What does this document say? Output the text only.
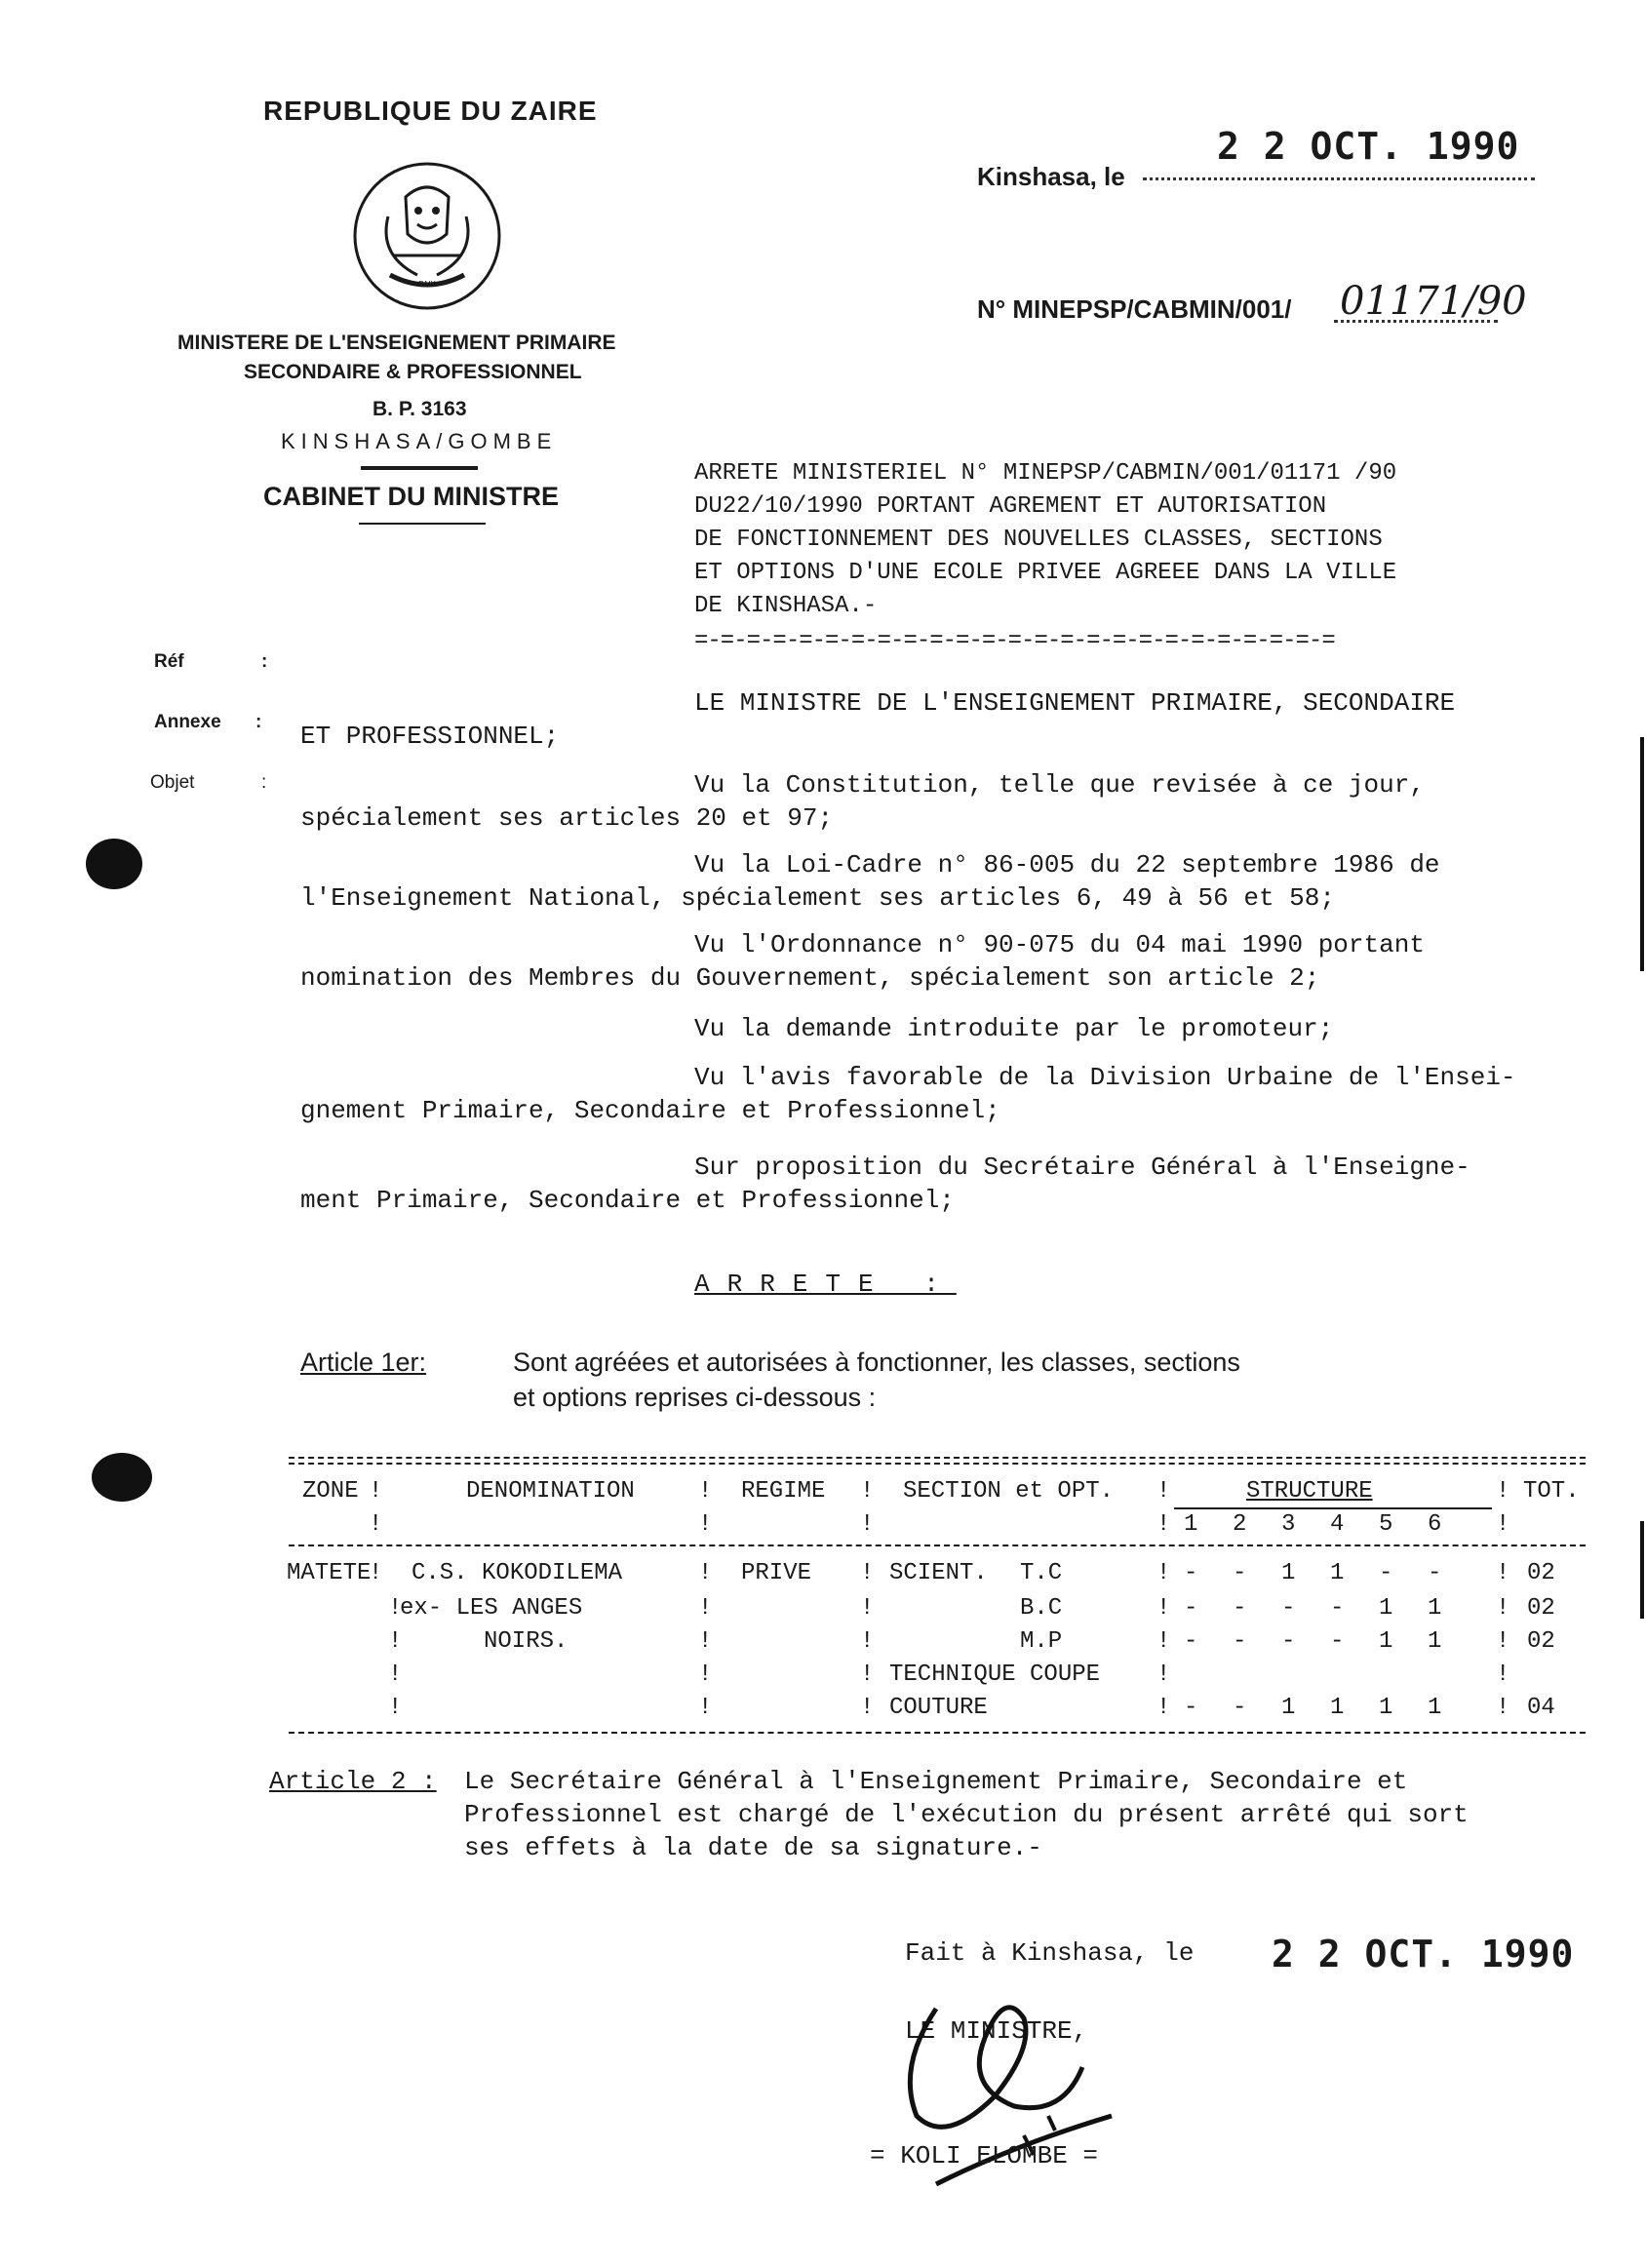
REPUBLIQUE DU ZAIRE
PAIX
MINISTERE DE L'ENSEIGNEMENT PRIMAIRE
SECONDAIRE & PROFESSIONNEL
B. P. 3163
KINSHASA/GOMBE
CABINET DU MINISTRE
Kinshasa, le
2 2 OCT. 1990
N° MINEPSP/CABMIN/001/ 01171/90
ARRETE MINISTERIEL N° MINEPSP/CABMIN/001/01171 /90
DU22/10/1990 PORTANT AGREMENT ET AUTORISATION
DE FONCTIONNEMENT DES NOUVELLES CLASSES, SECTIONS
ET OPTIONS D'UNE ECOLE PRIVEE AGREEE DANS LA VILLE
DE KINSHASA.-
=-=-=-=-=-=-=-=-=-=-=-=-=-=-=-=-=-=-=-=-=-=-=-=-=
Réf	:
Annexe :
Objet	:
LE MINISTRE DE L'ENSEIGNEMENT PRIMAIRE, SECONDAIRE
ET PROFESSIONNEL;
Vu la Constitution, telle que revisée à ce jour,
spécialement ses articles 20 et 97;
Vu la Loi-Cadre n° 86-005 du 22 septembre 1986 de
l'Enseignement National, spécialement ses articles 6, 49 à 56 et 58;
Vu l'Ordonnance n° 90-075 du 04 mai 1990 portant
nomination des Membres du Gouvernement, spécialement son article 2;
Vu la demande introduite par le promoteur;
Vu l'avis favorable de la Division Urbaine de l'Ensei-
gnement Primaire, Secondaire et Professionnel;
Sur proposition du Secrétaire Général à l'Enseigne-
ment Primaire, Secondaire et Professionnel;
ARRETE :
Article 1er:	Sont agréées et autorisées à fonctionner, les classes, sections
et options reprises ci-dessous :
ZONE	DENOMINATION	REGIME	SECTION et OPT.	STRUCTURE	TOT.
!	!	!	!	!
1 2 3 4 5 6
!	!	!	!	!
MATETE C.S. KOKODILEMA	PRIVE	SCIENT. T.C	- - 1 1 - -	02
!	!	!	!
ex- LES ANGES	B.C	- - - - 1 1	02
!	!	!	!	!
NOIRS.	M.P	- - - - 1 1	02
!	!	!	!	!
TECHNIQUE COUPE
!	!	!	!	!
COUTURE	- - 1 1 1 1	04
!	!	!	!	!
!
Article 2 : Le Secrétaire Général à l'Enseignement Primaire, Secondaire et
Professionnel est chargé de l'exécution du présent arrêté qui sort
ses effets à la date de sa signature.-
Fait à Kinshasa, le 2 2 OCT. 1990
LE MINISTRE,
= KOLI ELOMBE =
